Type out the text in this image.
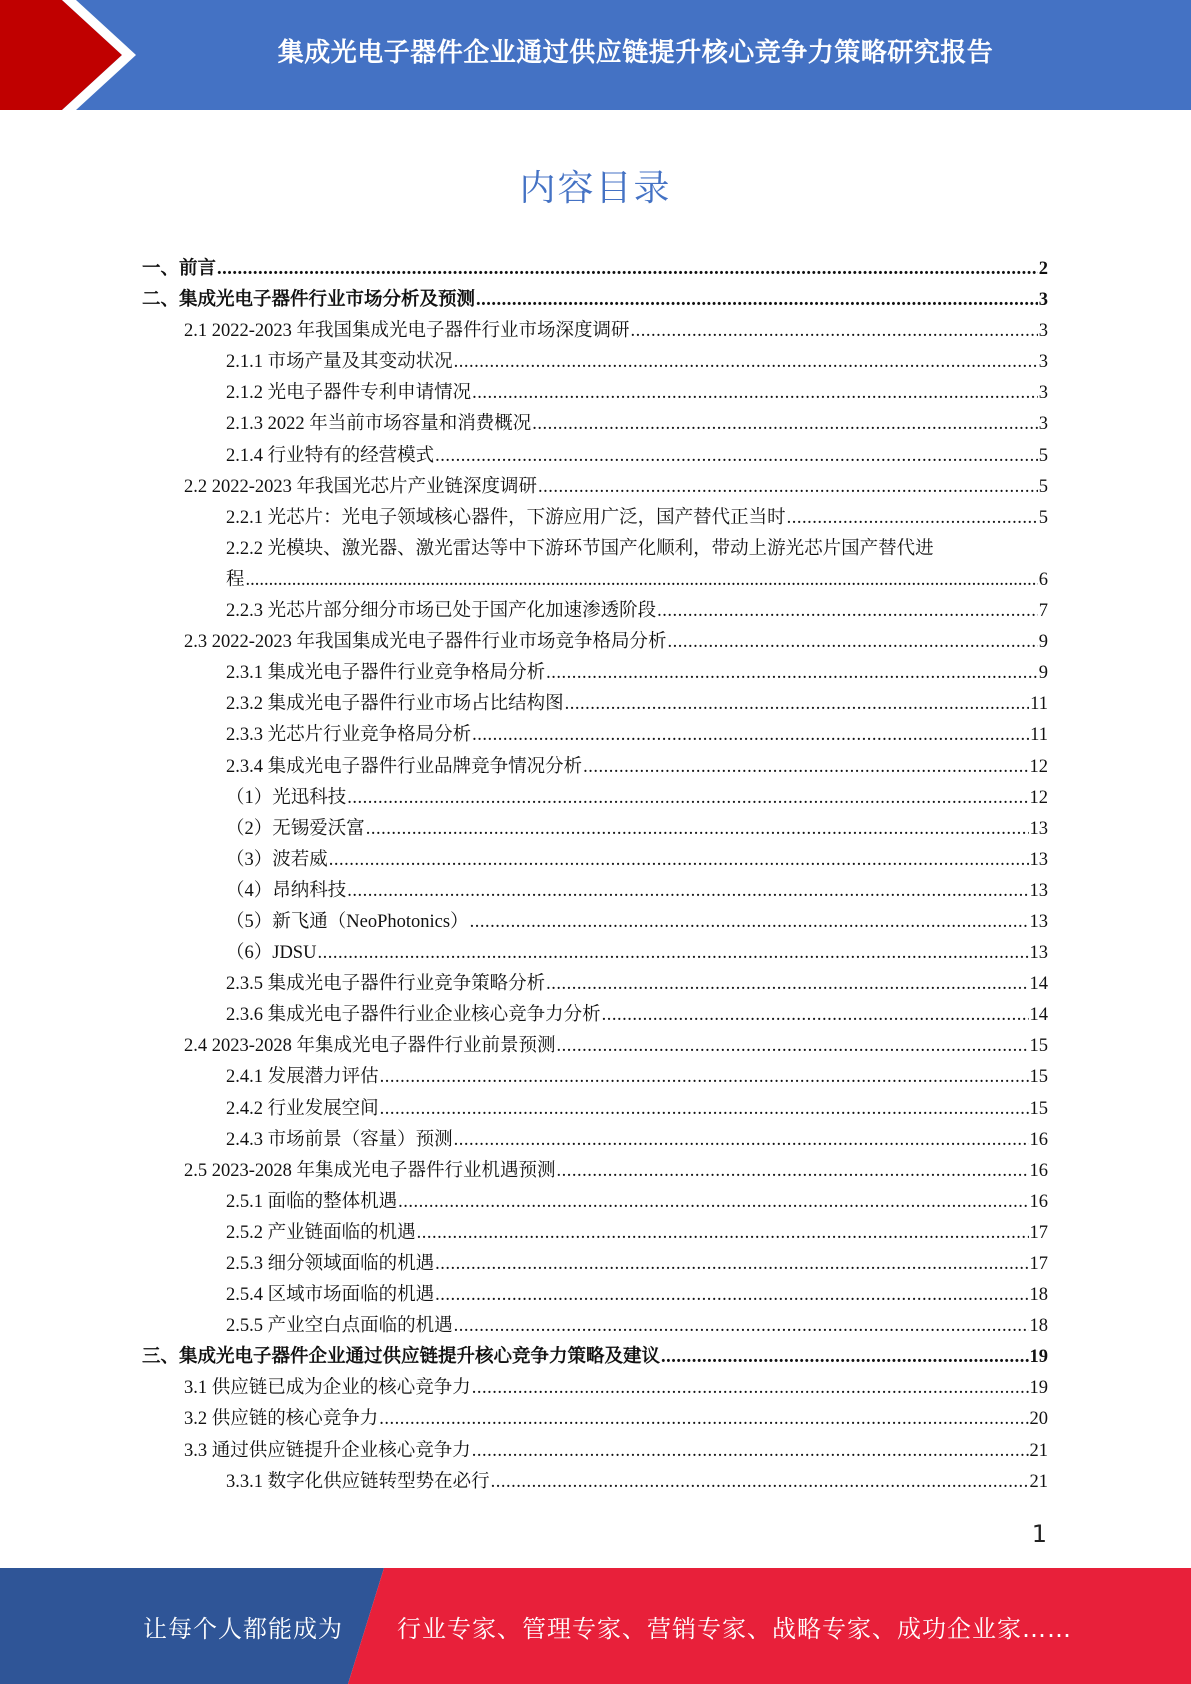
集成光电子器件企业通过供应链提升核心竞争力策略研究报告
内容目录
一、前言 .....	2
二、集成光电子器件行业市场分析及预测 .....	3
2.1 2022-2023 年我国集成光电子器件行业市场深度调研 .....	3
2.1.1 市场产量及其变动状况 .....	3
2.1.2 光电子器件专利申请情况 .....	3
2.1.3 2022 年当前市场容量和消费概况 .....	3
2.1.4 行业特有的经营模式 .....	5
2.2 2022-2023 年我国光芯片产业链深度调研 .....	5
2.2.1 光芯片：光电子领域核心器件，下游应用广泛，国产替代正当时 .....	5
2.2.2 光模块、激光器、激光雷达等中下游环节国产化顺利，带动上游光芯片国产替代进
程 .....	6
2.2.3 光芯片部分细分市场已处于国产化加速渗透阶段 .....	7
2.3 2022-2023 年我国集成光电子器件行业市场竞争格局分析 .....	9
2.3.1 集成光电子器件行业竞争格局分析 .....	9
2.3.2 集成光电子器件行业市场占比结构图 .....	11
2.3.3 光芯片行业竞争格局分析 .....	11
2.3.4 集成光电子器件行业品牌竞争情况分析 .....	12
（1）光迅科技 .....	12
（2）无锡爱沃富 .....	13
（3）波若威 .....	13
（4）昂纳科技 .....	13
（5）新飞通（NeoPhotonics） .....	13
（6）JDSU .....	13
2.3.5 集成光电子器件行业竞争策略分析 .....	14
2.3.6 集成光电子器件行业企业核心竞争力分析 .....	14
2.4 2023-2028 年集成光电子器件行业前景预测 .....	15
2.4.1 发展潜力评估 .....	15
2.4.2 行业发展空间 .....	15
2.4.3 市场前景（容量）预测 .....	16
2.5 2023-2028 年集成光电子器件行业机遇预测 .....	16
2.5.1 面临的整体机遇 .....	16
2.5.2 产业链面临的机遇 .....	17
2.5.3 细分领域面临的机遇 .....	17
2.5.4 区域市场面临的机遇 .....	18
2.5.5 产业空白点面临的机遇 .....	18
三、集成光电子器件企业通过供应链提升核心竞争力策略及建议 .....	19
3.1 供应链已成为企业的核心竞争力 .....	19
3.2 供应链的核心竞争力 .....	20
3.3 通过供应链提升企业核心竞争力 .....	21
3.3.1 数字化供应链转型势在必行 .....	21
1
让每个人都能成为 行业专家、管理专家、营销专家、战略专家、成功企业家……
